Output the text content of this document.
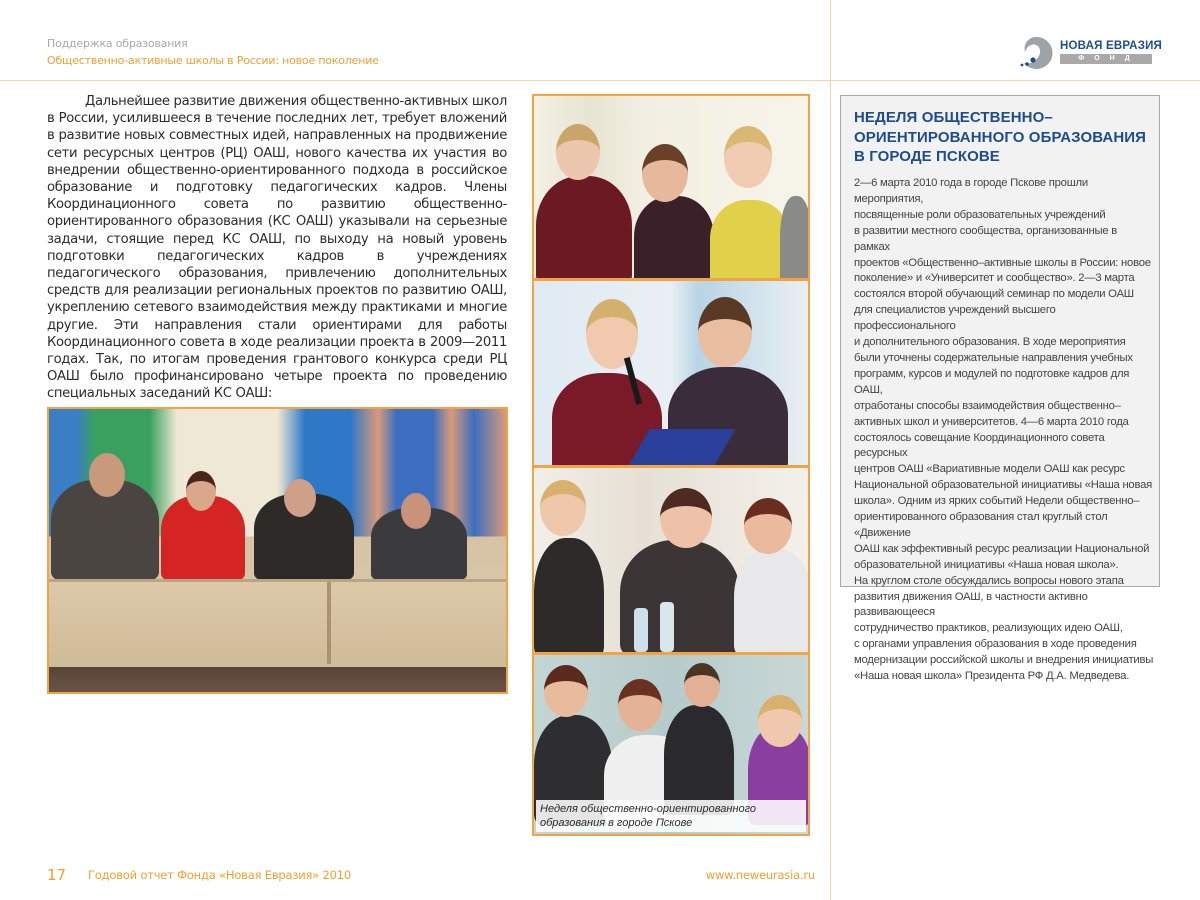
Поддержка образования
Общественно-активные школы в России: новое поколение
НОВАЯ ЕВРАЗИЯ
ФОНД
Дальнейшее развитие движения общественно-активных школ в России, усилившееся в течение последних лет, требует вложений в развитие новых совместных идей, направленных на продвижение сети ресурсных центров (РЦ) ОАШ, нового качества их участия во внедрении общественно-ориентированного подхода в российское образование и подготовку педагогических кадров. Члены Координационного совета по развитию общественно-ориентированного образования (КС ОАШ) указывали на серьезные задачи, стоящие перед КС ОАШ, по выходу на новый уровень подготовки педагогических кадров в учреждениях педагогического образования, привлечению дополнительных средств для реализации региональных проектов по развитию ОАШ, укреплению сетевого взаимодействия между практиками и многие другие. Эти направления стали ориентирами для работы Координационного совета в ходе реализации проекта в 2009—2011 годах. Так, по итогам проведения грантового конкурса среди РЦ ОАШ было профинансировано четыре проекта по проведению специальных заседаний КС ОАШ:
Неделя общественно-ориентированного образования в городе Пскове
НЕДЕЛЯ ОБЩЕСТВЕННО–
ОРИЕНТИРОВАННОГО ОБРАЗОВАНИЯ
В ГОРОДЕ ПСКОВЕ
2—6 марта 2010 года в городе Пскове прошли мероприятия,
посвященные роли образовательных учреждений
в развитии местного сообщества, организованные в рамках
проектов «Общественно–активные школы в России: новое
поколение» и «Университет и сообщество». 2—3 марта
состоялся второй обучающий семинар по модели ОАШ
для специалистов учреждений высшего профессионального
и дополнительного образования. В ходе мероприятия
были уточнены содержательные направления учебных
программ, курсов и модулей по подготовке кадров для ОАШ,
отработаны способы взаимодействия общественно–
активных школ и университетов. 4—6 марта 2010 года
состоялось совещание Координационного совета ресурсных
центров ОАШ «Вариативные модели ОАШ как ресурс
Национальной образовательной инициативы «Наша новая
школа». Одним из ярких событий Недели общественно–
ориентированного образования стал круглый стол «Движение
ОАШ как эффективный ресурс реализации Национальной
образовательной инициативы «Наша новая школа».
На круглом столе обсуждались вопросы нового этапа
развития движения ОАШ, в частности активно развивающееся
сотрудничество практиков, реализующих идею ОАШ,
с органами управления образования в ходе проведения
модернизации российской школы и внедрения инициативы
«Наша новая школа» Президента РФ Д.А. Медведева.
17 Годовой отчет Фонда «Новая Евразия» 2010	www.neweurasia.ru
